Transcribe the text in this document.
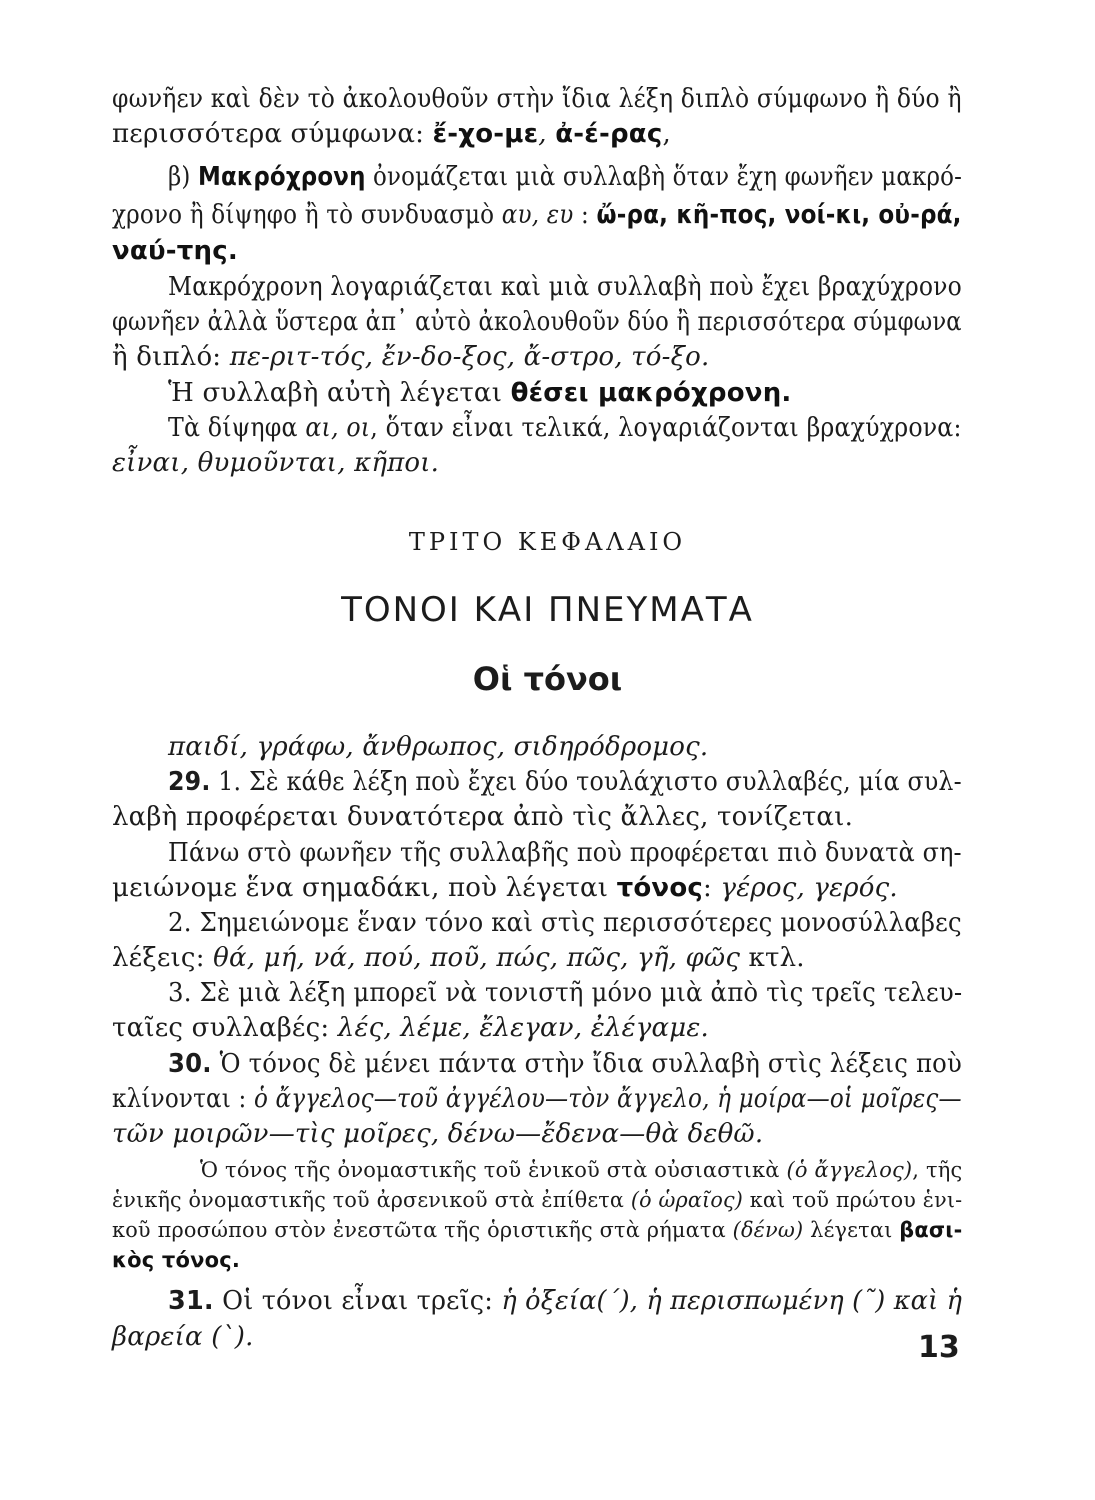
φωνῆεν καὶ δὲν τὸ ἀκολουθοῦν στὴν ἴδια λέξη διπλὸ σύμφωνο ἢ δύο ἢ
περισσότερα σύμφωνα: ἔ-χο-με, ἀ-έ-ρας,
β) Μακρόχρονη ὀνομάζεται μιὰ συλλαβὴ ὅταν ἔχη φωνῆεν μακρό-
χρονο ἢ δίψηφο ἢ τὸ συνδυασμὸ αυ, ευ : ὤ-ρα, κῆ-πος, νοί-κι, οὐ-ρά,
ναύ-της.
Μακρόχρονη λογαριάζεται καὶ μιὰ συλλαβὴ ποὺ ἔχει βραχύχρονο
φωνῆεν ἀλλὰ ὕστερα ἀπ᾽ αὐτὸ ἀκολουθοῦν δύο ἢ περισσότερα σύμφωνα
ἢ διπλό: πε-ριτ-τός, ἔν-δο-ξος, ἄ-στρο, τό-ξο.
Ἡ συλλαβὴ αὐτὴ λέγεται θέσει μακρόχρονη.
Τὰ δίψηφα αι, οι, ὅταν εἶναι τελικά, λογαριάζονται βραχύχρονα:
εἶναι, θυμοῦνται, κῆποι.
ΤΡΙΤΟ ΚΕΦΑΛΑΙΟ
ΤΟΝΟΙ ΚΑΙ ΠΝΕΥΜΑΤΑ
Οἱ τόνοι
παιδί, γράφω, ἄνθρωπος, σιδηρόδρομος.
29. 1. Σὲ κάθε λέξη ποὺ ἔχει δύο τουλάχιστο συλλαβές, μία συλ-
λαβὴ προφέρεται δυνατότερα ἀπὸ τὶς ἄλλες, τονίζεται.
Πάνω στὸ φωνῆεν τῆς συλλαβῆς ποὺ προφέρεται πιὸ δυνατὰ ση-
μειώνομε ἕνα σημαδάκι, ποὺ λέγεται τόνος: γέρος, γερός.
2. Σημειώνομε ἕναν τόνο καὶ στὶς περισσότερες μονοσύλλαβες
λέξεις: θά, μή, νά, πού, ποῦ, πώς, πῶς, γῆ, φῶς κτλ.
3. Σὲ μιὰ λέξη μπορεῖ νὰ τονιστῆ μόνο μιὰ ἀπὸ τὶς τρεῖς τελευ-
ταῖες συλλαβές: λές, λέμε, ἔλεγαν, ἐλέγαμε.
30. Ὁ τόνος δὲ μένει πάντα στὴν ἴδια συλλαβὴ στὶς λέξεις ποὺ
κλίνονται : ὁ ἄγγελος—τοῦ ἀγγέλου—τὸν ἄγγελο, ἡ μοίρα—οἱ μοῖρες—
τῶν μοιρῶν—τὶς μοῖρες, δένω—ἔδενα—θὰ δεθῶ.
Ὁ τόνος τῆς ὀνομαστικῆς τοῦ ἑνικοῦ στὰ οὐσιαστικὰ (ὁ ἄγγελος), τῆς
ἑνικῆς ὀνομαστικῆς τοῦ ἀρσενικοῦ στὰ ἐπίθετα (ὁ ὡραῖος) καὶ τοῦ πρώτου ἑνι-
κοῦ προσώπου στὸν ἐνεστῶτα τῆς ὁριστικῆς στὰ ρήματα (δένω) λέγεται βασι-
κὸς τόνος.
31. Οἱ τόνοι εἶναι τρεῖς: ἡ ὀξεία(΄), ἡ περισπωμένη (῀) καὶ ἡ
βαρεία (`).	13
